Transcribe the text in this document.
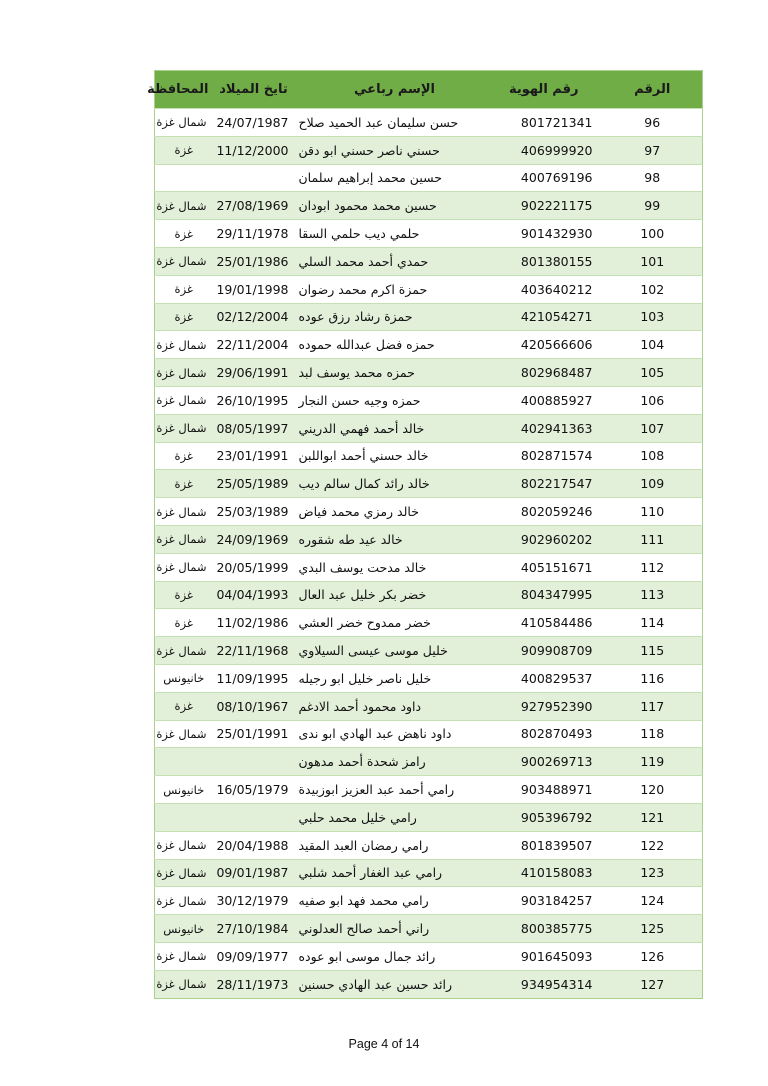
الرقم	رقم الهوية	الإسم رباعي	تايخ الميلاد	المحافظة
96	801721341	حسن سليمان عبد الحميد صلاح	24/07/1987	شمال غزة
97	406999920	حسني ناصر حسني ابو دقن	11/12/2000	غزة
98	400769196	حسين محمد إبراهيم سلمان		
99	902221175	حسين محمد محمود ابودان	27/08/1969	شمال غزة
100	901432930	حلمي ديب حلمي السقا	29/11/1978	غزة
101	801380155	حمدي أحمد محمد السلي	25/01/1986	شمال غزة
102	403640212	حمزة اكرم محمد رضوان	19/01/1998	غزة
103	421054271	حمزة رشاد رزق عوده	02/12/2004	غزة
104	420566606	حمزه فضل عبدالله حموده	22/11/2004	شمال غزة
105	802968487	حمزه محمد يوسف لبد	29/06/1991	شمال غزة
106	400885927	حمزه وجيه حسن النجار	26/10/1995	شمال غزة
107	402941363	خالد أحمد فهمي الدريني	08/05/1997	شمال غزة
108	802871574	خالد حسني أحمد ابواللبن	23/01/1991	غزة
109	802217547	خالد رائد كمال سالم ديب	25/05/1989	غزة
110	802059246	خالد رمزي محمد فياض	25/03/1989	شمال غزة
111	902960202	خالد عيد طه شقوره	24/09/1969	شمال غزة
112	405151671	خالد مدحت يوسف البدي	20/05/1999	شمال غزة
113	804347995	خضر بكر خليل عبد العال	04/04/1993	غزة
114	410584486	خضر ممدوح خضر العشي	11/02/1986	غزة
115	909908709	خليل موسى عيسى السيلاوي	22/11/1968	شمال غزة
116	400829537	خليل ناصر خليل ابو رجيله	11/09/1995	خانيونس
117	927952390	داود محمود أحمد الادغم	08/10/1967	غزة
118	802870493	داود ناهض عبد الهادي ابو ندى	25/01/1991	شمال غزة
119	900269713	رامز شحدة أحمد مدهون		
120	903488971	رامي أحمد عبد العزيز ابوزبيدة	16/05/1979	خانيونس
121	905396792	رامي خليل محمد حلبي		
122	801839507	رامي رمضان العبد المقيد	20/04/1988	شمال غزة
123	410158083	رامي عبد الغفار أحمد شلبي	09/01/1987	شمال غزة
124	903184257	رامي محمد فهد ابو صفيه	30/12/1979	شمال غزة
125	800385775	راني أحمد صالح العدلوني	27/10/1984	خانيونس
126	901645093	رائد جمال موسى ابو عوده	09/09/1977	شمال غزة
127	934954314	رائد حسين عبد الهادي حسنين	28/11/1973	شمال غزة
Page 4 of 14
